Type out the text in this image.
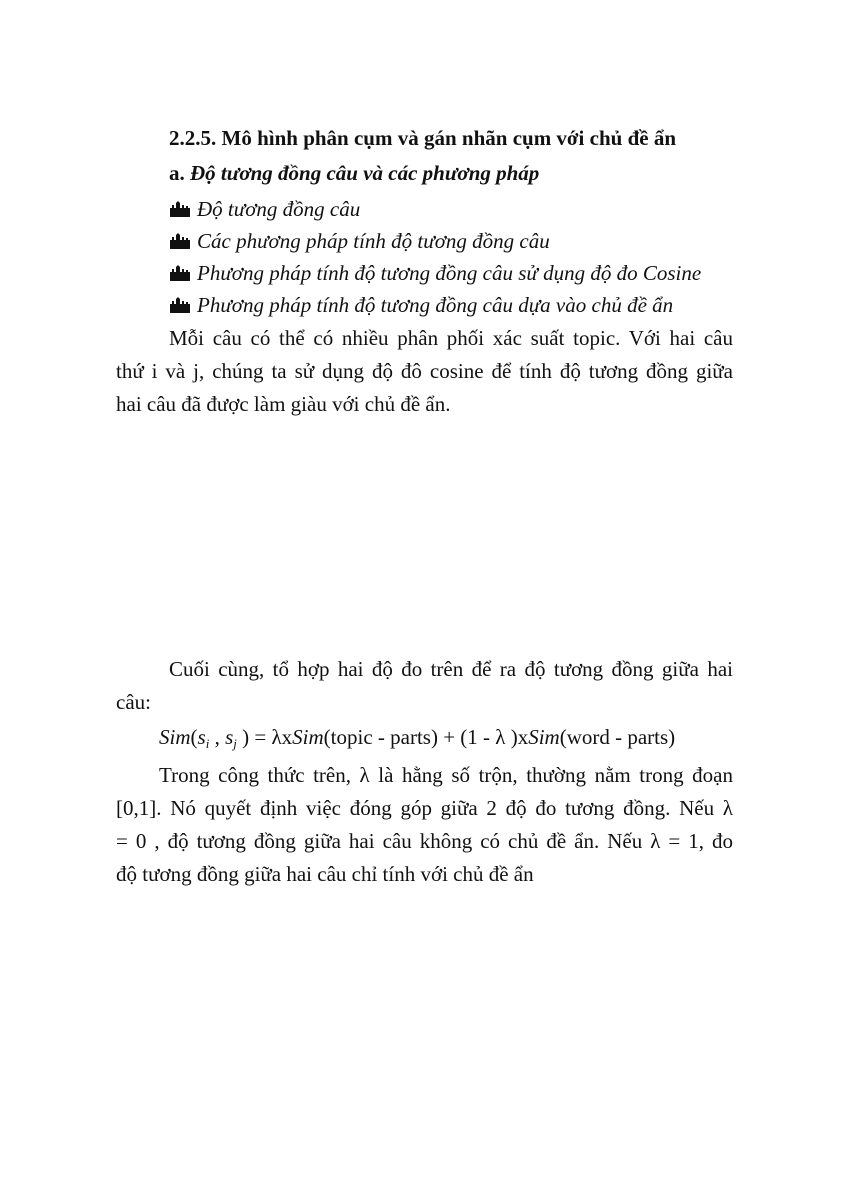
2.2.5. Mô hình phân cụm và gán nhãn cụm với chủ đề ẩn
a. Độ tương đồng câu và các phương pháp
Độ tương đồng câu
Các phương pháp tính độ tương đồng câu
Phương pháp tính độ tương đồng câu sử dụng độ đo Cosine
Phương pháp tính độ tương đồng câu dựa vào chủ đề ẩn
Mỗi câu có thể có nhiều phân phối xác suất topic. Với hai câu
thứ i và j, chúng ta sử dụng độ đô cosine để tính độ tương đồng giữa
hai câu đã được làm giàu với chủ đề ẩn.
Cuối cùng, tổ hợp hai độ đo trên để ra độ tương đồng giữa hai
câu:
$Sim(s_i$ , $s_j$ ) = λxSim(topic - parts) + (1 - λ )xSim(word - parts)
Trong công thức trên, λ là hằng số trộn, thường nằm trong đoạn
[0,1]. Nó quyết định việc đóng góp giữa 2 độ đo tương đồng. Nếu λ
= 0 , độ tương đồng giữa hai câu không có chủ đề ẩn. Nếu λ = 1, đo
độ tương đồng giữa hai câu chỉ tính với chủ đề ẩn
